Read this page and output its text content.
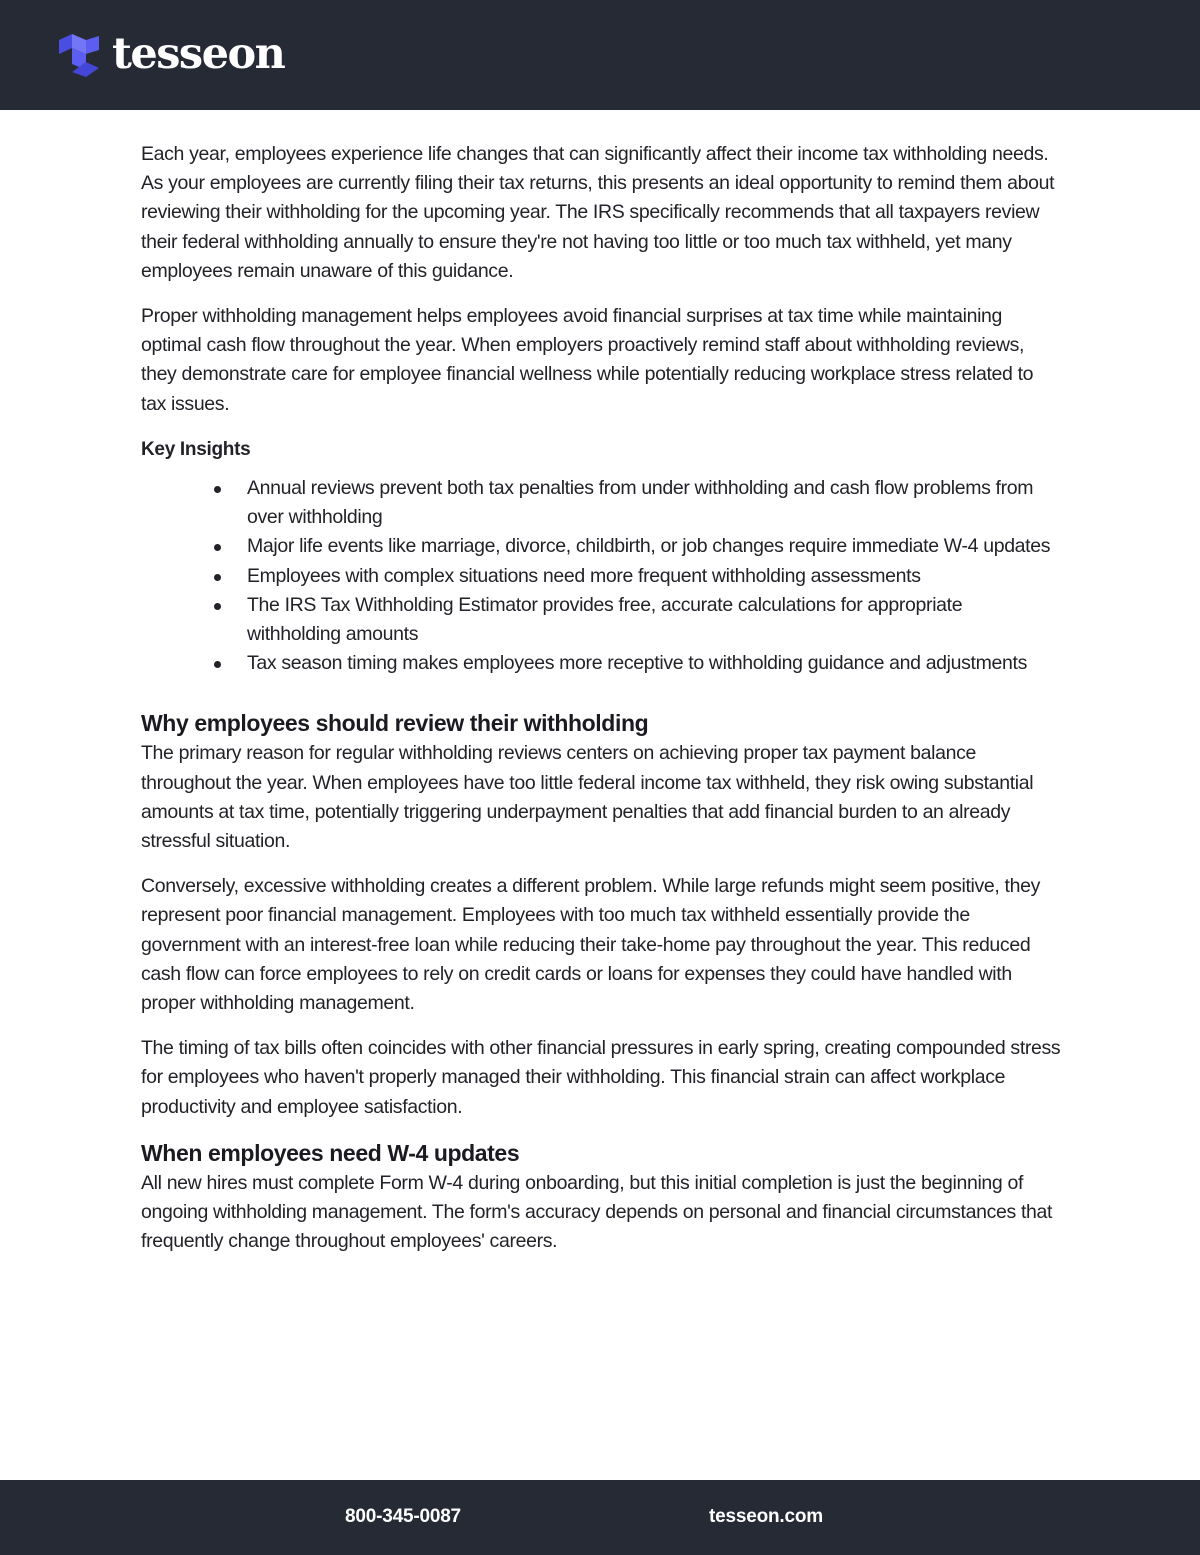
tesseon

Each year, employees experience life changes that can significantly affect their income tax withholding needs. As your employees are currently filing their tax returns, this presents an ideal opportunity to remind them about reviewing their withholding for the upcoming year. The IRS specifically recommends that all taxpayers review their federal withholding annually to ensure they're not having too little or too much tax withheld, yet many employees remain unaware of this guidance.

Proper withholding management helps employees avoid financial surprises at tax time while maintaining optimal cash flow throughout the year. When employers proactively remind staff about withholding reviews, they demonstrate care for employee financial wellness while potentially reducing workplace stress related to tax issues.

Key Insights
Annual reviews prevent both tax penalties from under withholding and cash flow problems from over withholding
Major life events like marriage, divorce, childbirth, or job changes require immediate W-4 updates
Employees with complex situations need more frequent withholding assessments
The IRS Tax Withholding Estimator provides free, accurate calculations for appropriate withholding amounts
Tax season timing makes employees more receptive to withholding guidance and adjustments
Why employees should review their withholding

The primary reason for regular withholding reviews centers on achieving proper tax payment balance throughout the year. When employees have too little federal income tax withheld, they risk owing substantial amounts at tax time, potentially triggering underpayment penalties that add financial burden to an already stressful situation.

Conversely, excessive withholding creates a different problem. While large refunds might seem positive, they represent poor financial management. Employees with too much tax withheld essentially provide the government with an interest-free loan while reducing their take-home pay throughout the year. This reduced cash flow can force employees to rely on credit cards or loans for expenses they could have handled with proper withholding management.

The timing of tax bills often coincides with other financial pressures in early spring, creating compounded stress for employees who haven't properly managed their withholding. This financial strain can affect workplace productivity and employee satisfaction.

When employees need W-4 updates

All new hires must complete Form W-4 during onboarding, but this initial completion is just the beginning of ongoing withholding management. The form's accuracy depends on personal and financial circumstances that frequently change throughout employees' careers.

800-345-0087	tesseon.com
